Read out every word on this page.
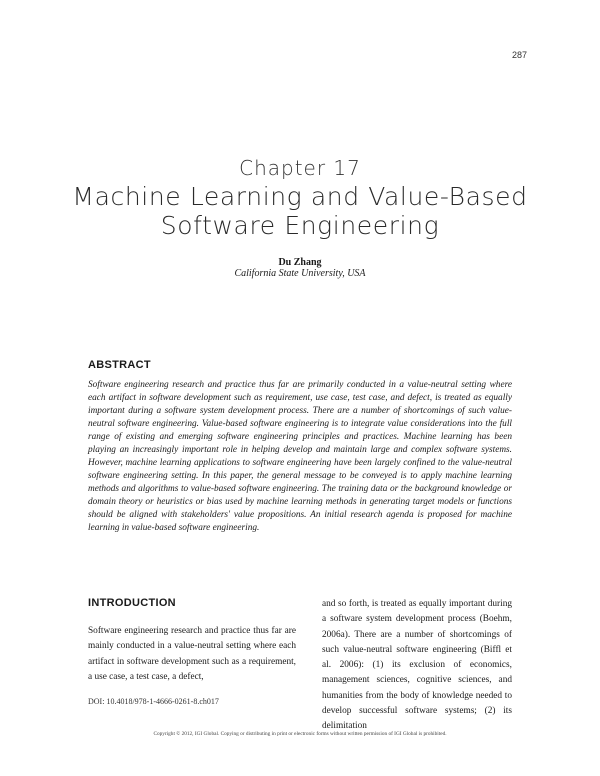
287
Chapter 17
Machine Learning and Value-Based Software Engineering
Du Zhang
California State University, USA
ABSTRACT
Software engineering research and practice thus far are primarily conducted in a value-neutral setting where each artifact in software development such as requirement, use case, test case, and defect, is treated as equally important during a software system development process. There are a number of shortcomings of such value-neutral software engineering. Value-based software engineering is to integrate value considerations into the full range of existing and emerging software engineering principles and practices. Machine learning has been playing an increasingly important role in helping develop and maintain large and complex software systems. However, machine learning applications to software engineering have been largely confined to the value-neutral software engineering setting. In this paper, the general message to be conveyed is to apply machine learning methods and algorithms to value-based software engineering. The training data or the background knowledge or domain theory or heuristics or bias used by machine learning methods in generating target models or functions should be aligned with stakeholders' value propositions. An initial research agenda is proposed for machine learning in value-based software engineering.
INTRODUCTION
Software engineering research and practice thus far are mainly conducted in a value-neutral setting where each artifact in software development such as a requirement, a use case, a test case, a defect,
and so forth, is treated as equally important during a software system development process (Boehm, 2006a). There are a number of shortcomings of such value-neutral software engineering (Biffl et al. 2006): (1) its exclusion of economics, management sciences, cognitive sciences, and humanities from the body of knowledge needed to develop successful software systems; (2) its delimitation
DOI: 10.4018/978-1-4666-0261-8.ch017
Copyright © 2012, IGI Global. Copying or distributing in print or electronic forms without written permission of IGI Global is prohibited.
